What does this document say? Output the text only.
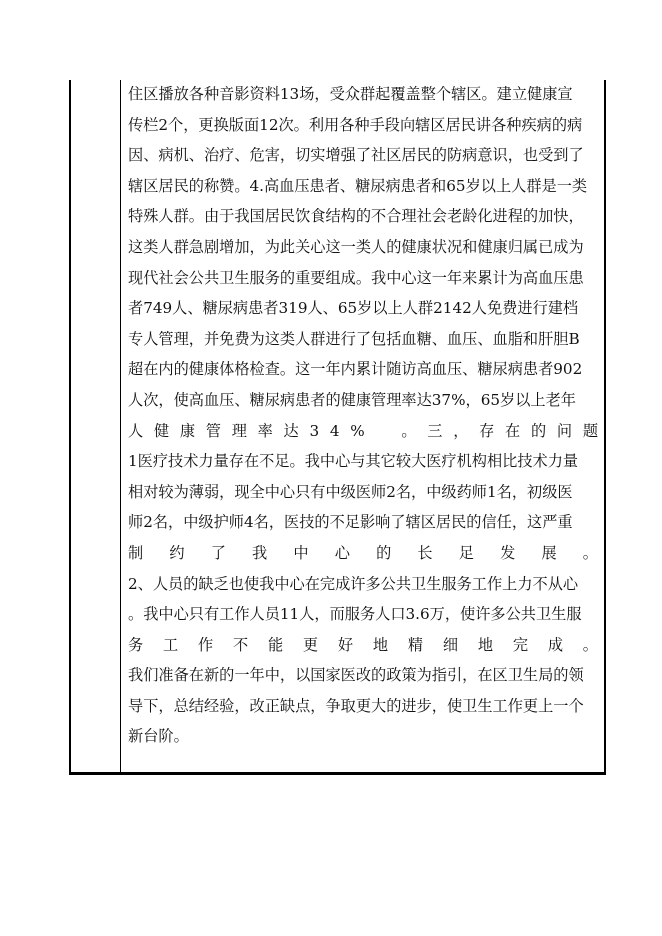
住区播放各种音影资料13场，受众群起覆盖整个辖区。建立健康宣
传栏2个，更换版面12次。利用各种手段向辖区居民讲各种疾病的病
因、病机、治疗、危害，切实增强了社区居民的防病意识，也受到了
辖区居民的称赞。4.高血压患者、糖尿病患者和65岁以上人群是一类
特殊人群。由于我国居民饮食结构的不合理社会老龄化进程的加快，
这类人群急剧增加，为此关心这一类人的健康状况和健康归属已成为
现代社会公共卫生服务的重要组成。我中心这一年来累计为高血压患
者749人、糖尿病患者319人、65岁以上人群2142人免费进行建档
专人管理，并免费为这类人群进行了包括血糖、血压、血脂和肝胆B
超在内的健康体格检查。这一年内累计随访高血压、糖尿病患者902
人次，使高血压、糖尿病患者的健康管理率达37%，65岁以上老年
人 健 康 管 理 率 达 3 4 %
　 。 三 ， 存 在 的 问 题
1医疗技术力量存在不足。我中心与其它较大医疗机构相比技术力量
相对较为薄弱，现全中心只有中级医师2名，中级药师1名，初级医
师2名，中级护师4名，医技的不足影响了辖区居民的信任，这严重
制 约 了 我 中 心 的 长 足 发 展 。
2、人员的缺乏也使我中心在完成许多公共卫生服务工作上力不从心
。我中心只有工作人员11人，而服务人口3.6万，使许多公共卫生服
务 工 作 不 能 更 好 地 精 细 地 完 成 。
我们准备在新的一年中，以国家医改的政策为指引，在区卫生局的领
导下，总结经验，改正缺点，争取更大的进步，使卫生工作更上一个
新台阶。
